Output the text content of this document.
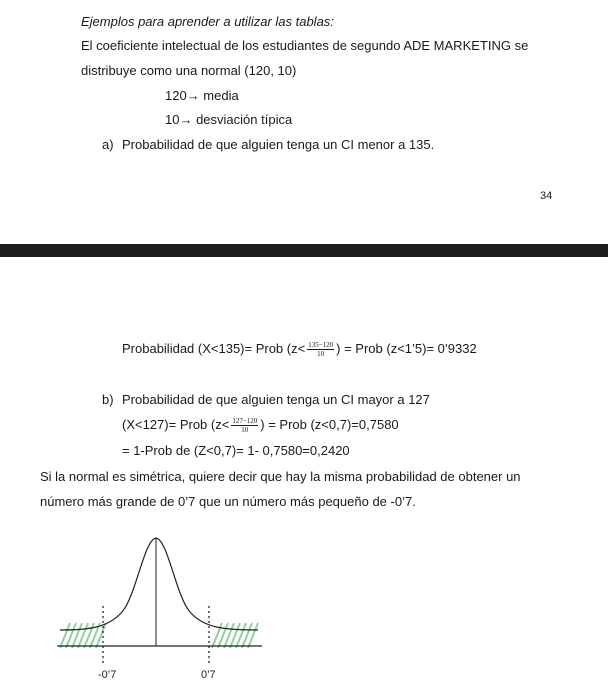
Ejemplos para aprender a utilizar las tablas:
El coeficiente intelectual de los estudiantes de segundo ADE MARKETING se
distribuye como una normal (120, 10)
120→ media
10→ desviación típica
a) Probabilidad de que alguien tenga un CI menor a 135.
34
Probabilidad (X<135)= Prob ($z< \frac{135-120}{10}$ ) = Prob (z<1’5)= 0’9332
b) Probabilidad de que alguien tenga un CI mayor a 127
(X<127)= Prob ($z< \frac{127-120}{10}$ ) = Prob (z<0,7)=0,7580
= 1-Prob de (Z<0,7)= 1- 0,7580=0,2420
Si la normal es simétrica, quiere decir que hay la misma probabilidad de obtener un
número más grande de 0’7 que un número más pequeño de -0’7.
-0’7	0’7
